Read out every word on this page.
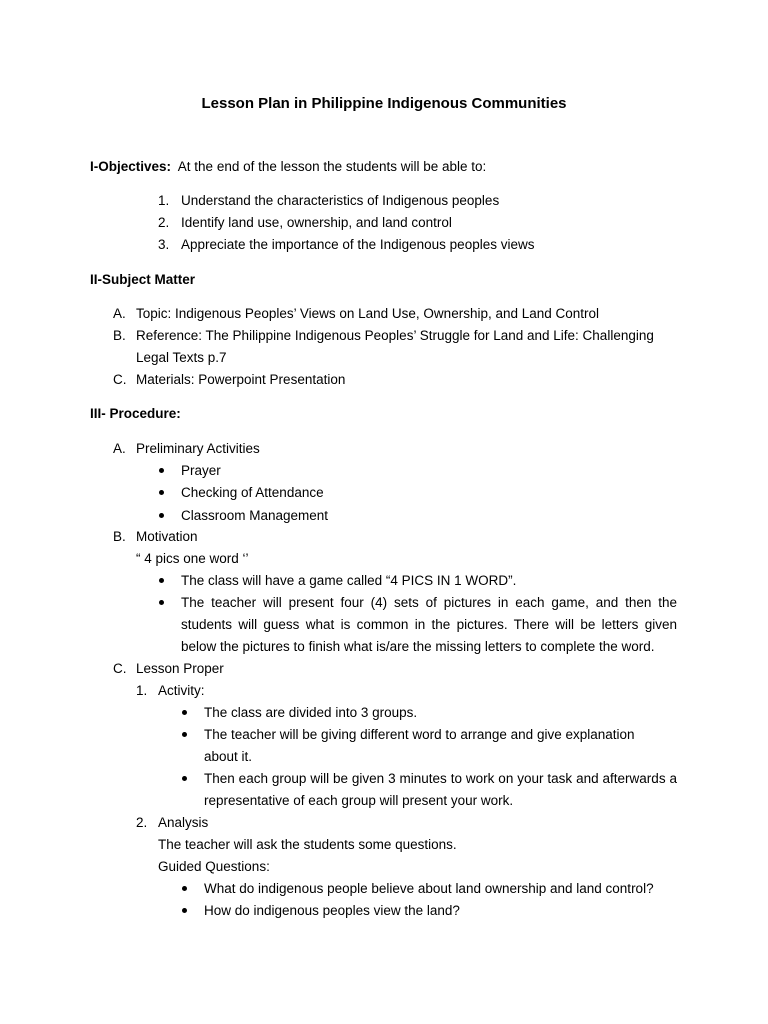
Lesson Plan in Philippine Indigenous Communities
I-Objectives: At the end of the lesson the students will be able to:
1. Understand the characteristics of Indigenous peoples
2. Identify land use, ownership, and land control
3. Appreciate the importance of the Indigenous peoples views
II-Subject Matter
A. Topic: Indigenous Peoples’ Views on Land Use, Ownership, and Land Control
B. Reference: The Philippine Indigenous Peoples’ Struggle for Land and Life: Challenging
Legal Texts p.7
C. Materials: Powerpoint Presentation
III- Procedure:
A. Preliminary Activities
Prayer
Checking of Attendance
Classroom Management
B. Motivation
“ 4 pics one word ‘’
The class will have a game called “4 PICS IN 1 WORD”.
The teacher will present four (4) sets of pictures in each game, and then the students will guess what is common in the pictures. There will be letters given below the pictures to finish what is/are the missing letters to complete the word.
C. Lesson Proper
1. Activity:
The class are divided into 3 groups.
The teacher will be giving different word to arrange and give explanation
about it.
Then each group will be given 3 minutes to work on your task and afterwards a representative of each group will present your work.
2. Analysis
The teacher will ask the students some questions.
Guided Questions:
What do indigenous people believe about land ownership and land control?
How do indigenous peoples view the land?
